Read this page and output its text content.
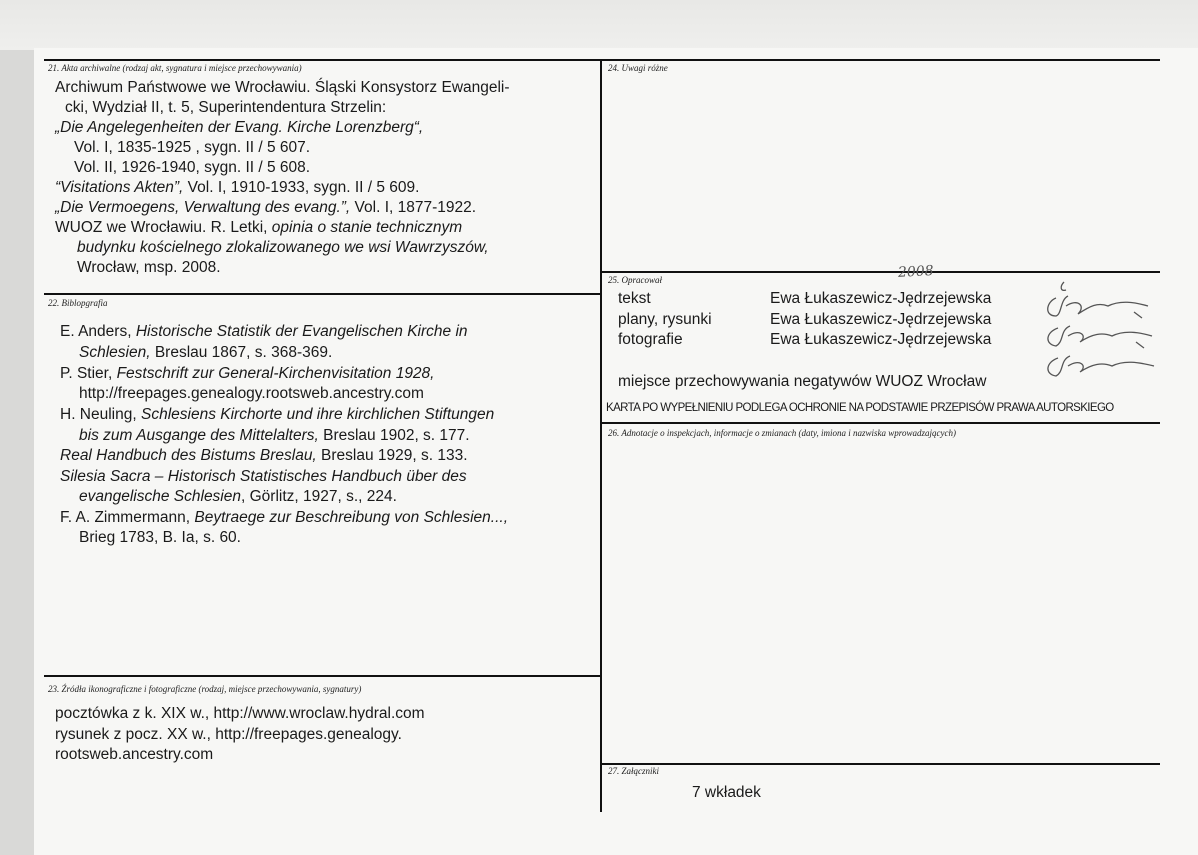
21. Akta archiwalne (rodzaj akt, sygnatura i miejsce przechowywania)
Archiwum Państwowe we Wrocławiu. Śląski Konsystorz Ewangeli-
cki, Wydział II, t. 5, Superintendentura Strzelin:
„Die Angelegenheiten der Evang. Kirche Lorenzberg“,
Vol. I, 1835-1925 , sygn. II / 5 607.
Vol. II, 1926-1940, sygn. II / 5 608.
“Visitations Akten”, Vol. I, 1910-1933, sygn. II / 5 609.
„Die Vermoegens, Verwaltung des evang.”, Vol. I, 1877-1922.
WUOZ we Wrocławiu. R. Letki, opinia o stanie technicznym
budynku kościelnego zlokalizowanego we wsi Wawrzyszów,
Wrocław, msp. 2008.
22. Biblopgrafia
E. Anders, Historische Statistik der Evangelischen Kirche in
Schlesien, Breslau 1867, s. 368-369.
P. Stier, Festschrift zur General-Kirchenvisitation 1928,
http://freepages.genealogy.rootsweb.ancestry.com
H. Neuling, Schlesiens Kirchorte und ihre kirchlichen Stiftungen
bis zum Ausgange des Mittelalters, Breslau 1902, s. 177.
Real Handbuch des Bistums Breslau, Breslau 1929, s. 133.
Silesia Sacra – Historisch Statistisches Handbuch über des
evangelische Schlesien, Görlitz, 1927, s., 224.
F. A. Zimmermann, Beytraege zur Beschreibung von Schlesien...,
Brieg 1783, B. Ia, s. 60.
23. Źródła ikonograficzne i fotograficzne (rodzaj, miejsce przechowywania, sygnatury)
pocztówka z k. XIX w., http://www.wroclaw.hydral.com
rysunek z pocz. XX w., http://freepages.genealogy.
rootsweb.ancestry.com
24. Uwagi różne
25. Opracował	2008
tekst	Ewa Łukaszewicz-Jędrzejewska
plany, rysunki	Ewa Łukaszewicz-Jędrzejewska
fotografie	Ewa Łukaszewicz-Jędrzejewska
miejsce przechowywania negatywów WUOZ Wrocław
KARTA PO WYPEŁNIENIU PODLEGA OCHRONIE NA PODSTAWIE PRZEPISÓW PRAWA AUTORSKIEGO
26. Adnotacje o inspekcjach, informacje o zmianach (daty, imiona i nazwiska wprowadzających)
27. Załączniki
7 wkładek
